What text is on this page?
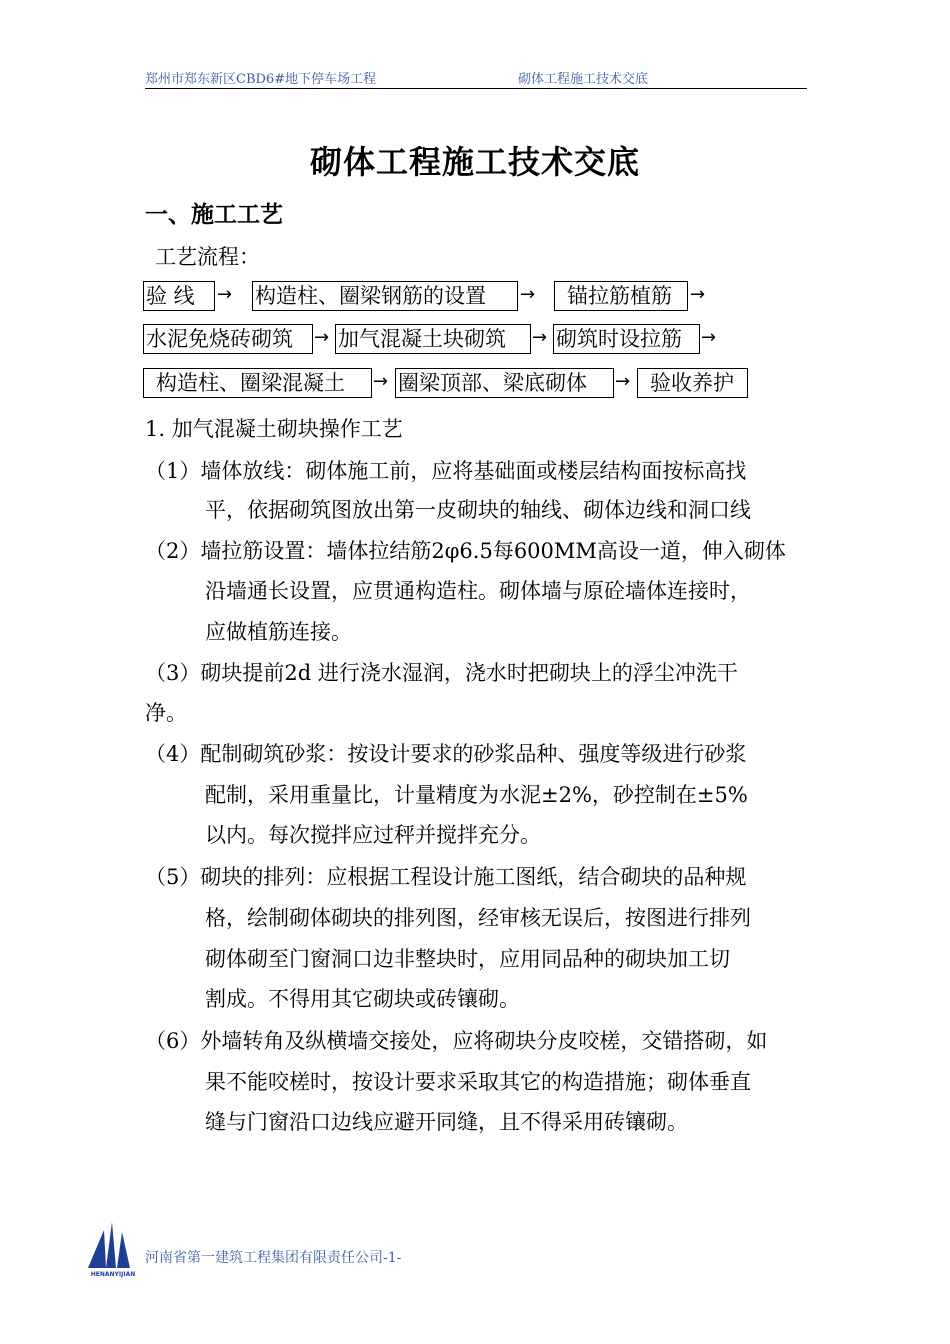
郑州市郑东新区CBD6#地下停车场工程	砌体工程施工技术交底
砌体工程施工技术交底
一、施工工艺
工艺流程：
验 线	→ 构造柱、圈梁钢筋的设置	→	锚拉筋植筋	→
水泥免烧砖砌筑	→ 加气混凝土块砌筑	→ 砌筑时设拉筋	→
构造柱、圈梁混凝土	→ 圈梁顶部、梁底砌体	→ 验收养护
1. 加气混凝土砌块操作工艺
（1）墙体放线：砌体施工前，应将基础面或楼层结构面按标高找
平，依据砌筑图放出第一皮砌块的轴线、砌体边线和洞口线
（2）墙拉筋设置：墙体拉结筋2φ6.5每600MM高设一道，伸入砌体
沿墙通长设置，应贯通构造柱。砌体墙与原砼墙体连接时，
应做植筋连接。
（3）砌块提前2d 进行浇水湿润，浇水时把砌块上的浮尘冲洗干
净。
（4）配制砌筑砂浆：按设计要求的砂浆品种、强度等级进行砂浆
配制，采用重量比，计量精度为水泥±2%，砂控制在±5%
以内。每次搅拌应过秤并搅拌充分。
（5）砌块的排列：应根据工程设计施工图纸，结合砌块的品种规
格，绘制砌体砌块的排列图，经审核无误后，按图进行排列
砌体砌至门窗洞口边非整块时，应用同品种的砌块加工切
割成。不得用其它砌块或砖镶砌。
（6）外墙转角及纵横墙交接处，应将砌块分皮咬槎，交错搭砌，如
果不能咬槎时，按设计要求采取其它的构造措施；砌体垂直
缝与门窗沿口边线应避开同缝，且不得采用砖镶砌。
HENANYIJIAN
河南省第一建筑工程集团有限责任公司-1-
